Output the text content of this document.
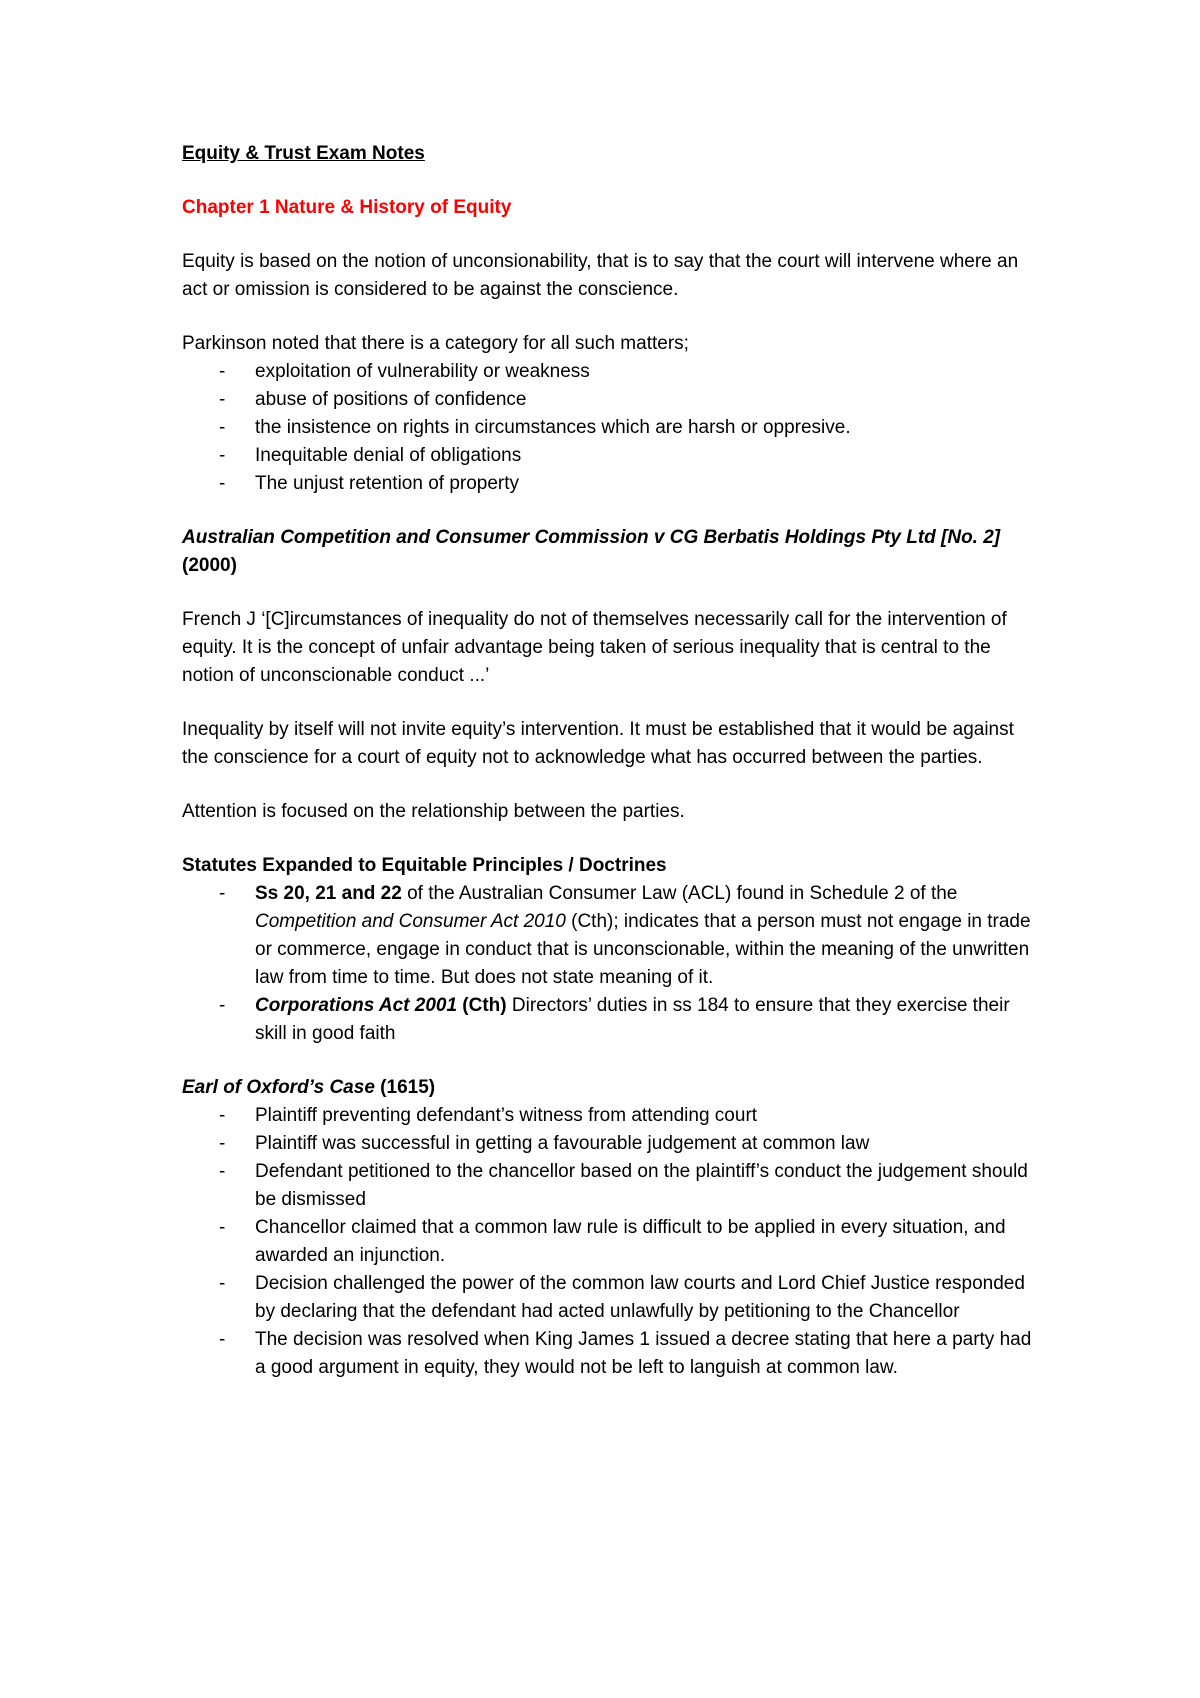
Equity & Trust Exam Notes

Chapter 1 Nature & History of Equity

Equity is based on the notion of unconsionability, that is to say that the court will intervene where an act or omission is considered to be against the conscience.

Parkinson noted that there is a category for all such matters;

- exploitation of vulnerability or weakness
- abuse of positions of confidence
- the insistence on rights in circumstances which are harsh or oppresive.
- Inequitable denial of obligations
- The unjust retention of property

Australian Competition and Consumer Commission v CG Berbatis Holdings Pty Ltd [No. 2]
(2000)

French J ‘[C]ircumstances of inequality do not of themselves necessarily call for the intervention of equity. It is the concept of unfair advantage being taken of serious inequality that is central to the notion of unconscionable conduct ...’

Inequality by itself will not invite equity’s intervention. It must be established that it would be against the conscience for a court of equity not to acknowledge what has occurred between the parties.

Attention is focused on the relationship between the parties.

Statutes Expanded to Equitable Principles / Doctrines

- Ss 20, 21 and 22 of the Australian Consumer Law (ACL) found in Schedule 2 of the Competition and Consumer Act 2010 (Cth); indicates that a person must not engage in trade or commerce, engage in conduct that is unconscionable, within the meaning of the unwritten law from time to time. But does not state meaning of it.
- Corporations Act 2001 (Cth) Directors’ duties in ss 184 to ensure that they exercise their skill in good faith

Earl of Oxford’s Case (1615)

- Plaintiff preventing defendant’s witness from attending court
- Plaintiff was successful in getting a favourable judgement at common law
- Defendant petitioned to the chancellor based on the plaintiff’s conduct the judgement should be dismissed
- Chancellor claimed that a common law rule is difficult to be applied in every situation, and awarded an injunction.
- Decision challenged the power of the common law courts and Lord Chief Justice responded by declaring that the defendant had acted unlawfully by petitioning to the Chancellor
- The decision was resolved when King James 1 issued a decree stating that here a party had a good argument in equity, they would not be left to languish at common law.
